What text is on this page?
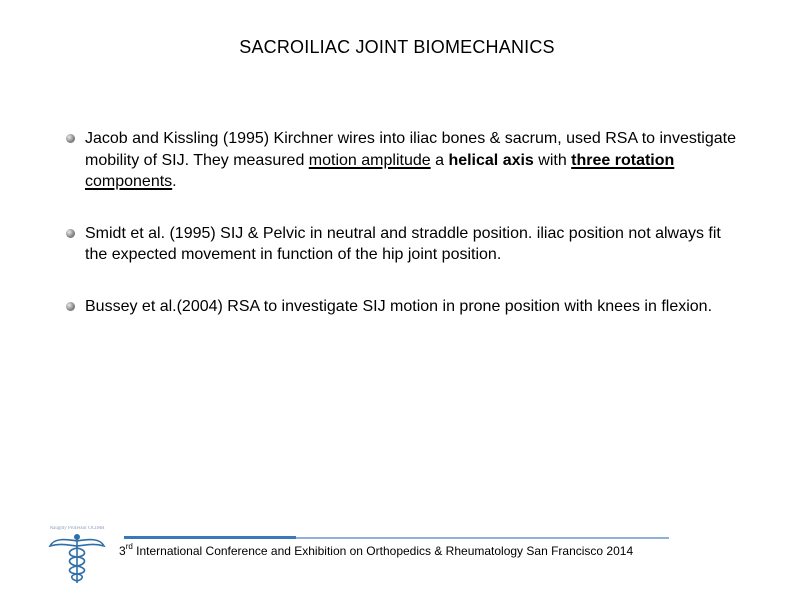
SACROILIAC JOINT BIOMECHANICS
Jacob and Kissling (1995) Kirchner wires into iliac bones & sacrum, used RSA to investigate mobility of SIJ. They measured motion amplitude a helical axis with three rotation components.
Smidt et al. (1995) SIJ & Pelvic in neutral and straddle position. iliac position not always fit the expected movement in function of the hip joint position.
Bussey et al.(2004) RSA to investigate SIJ motion in prone position with knees in flexion.
Naughty Professor OCIMR
3rd International Conference and Exhibition on Orthopedics & Rheumatology San Francisco 2014
